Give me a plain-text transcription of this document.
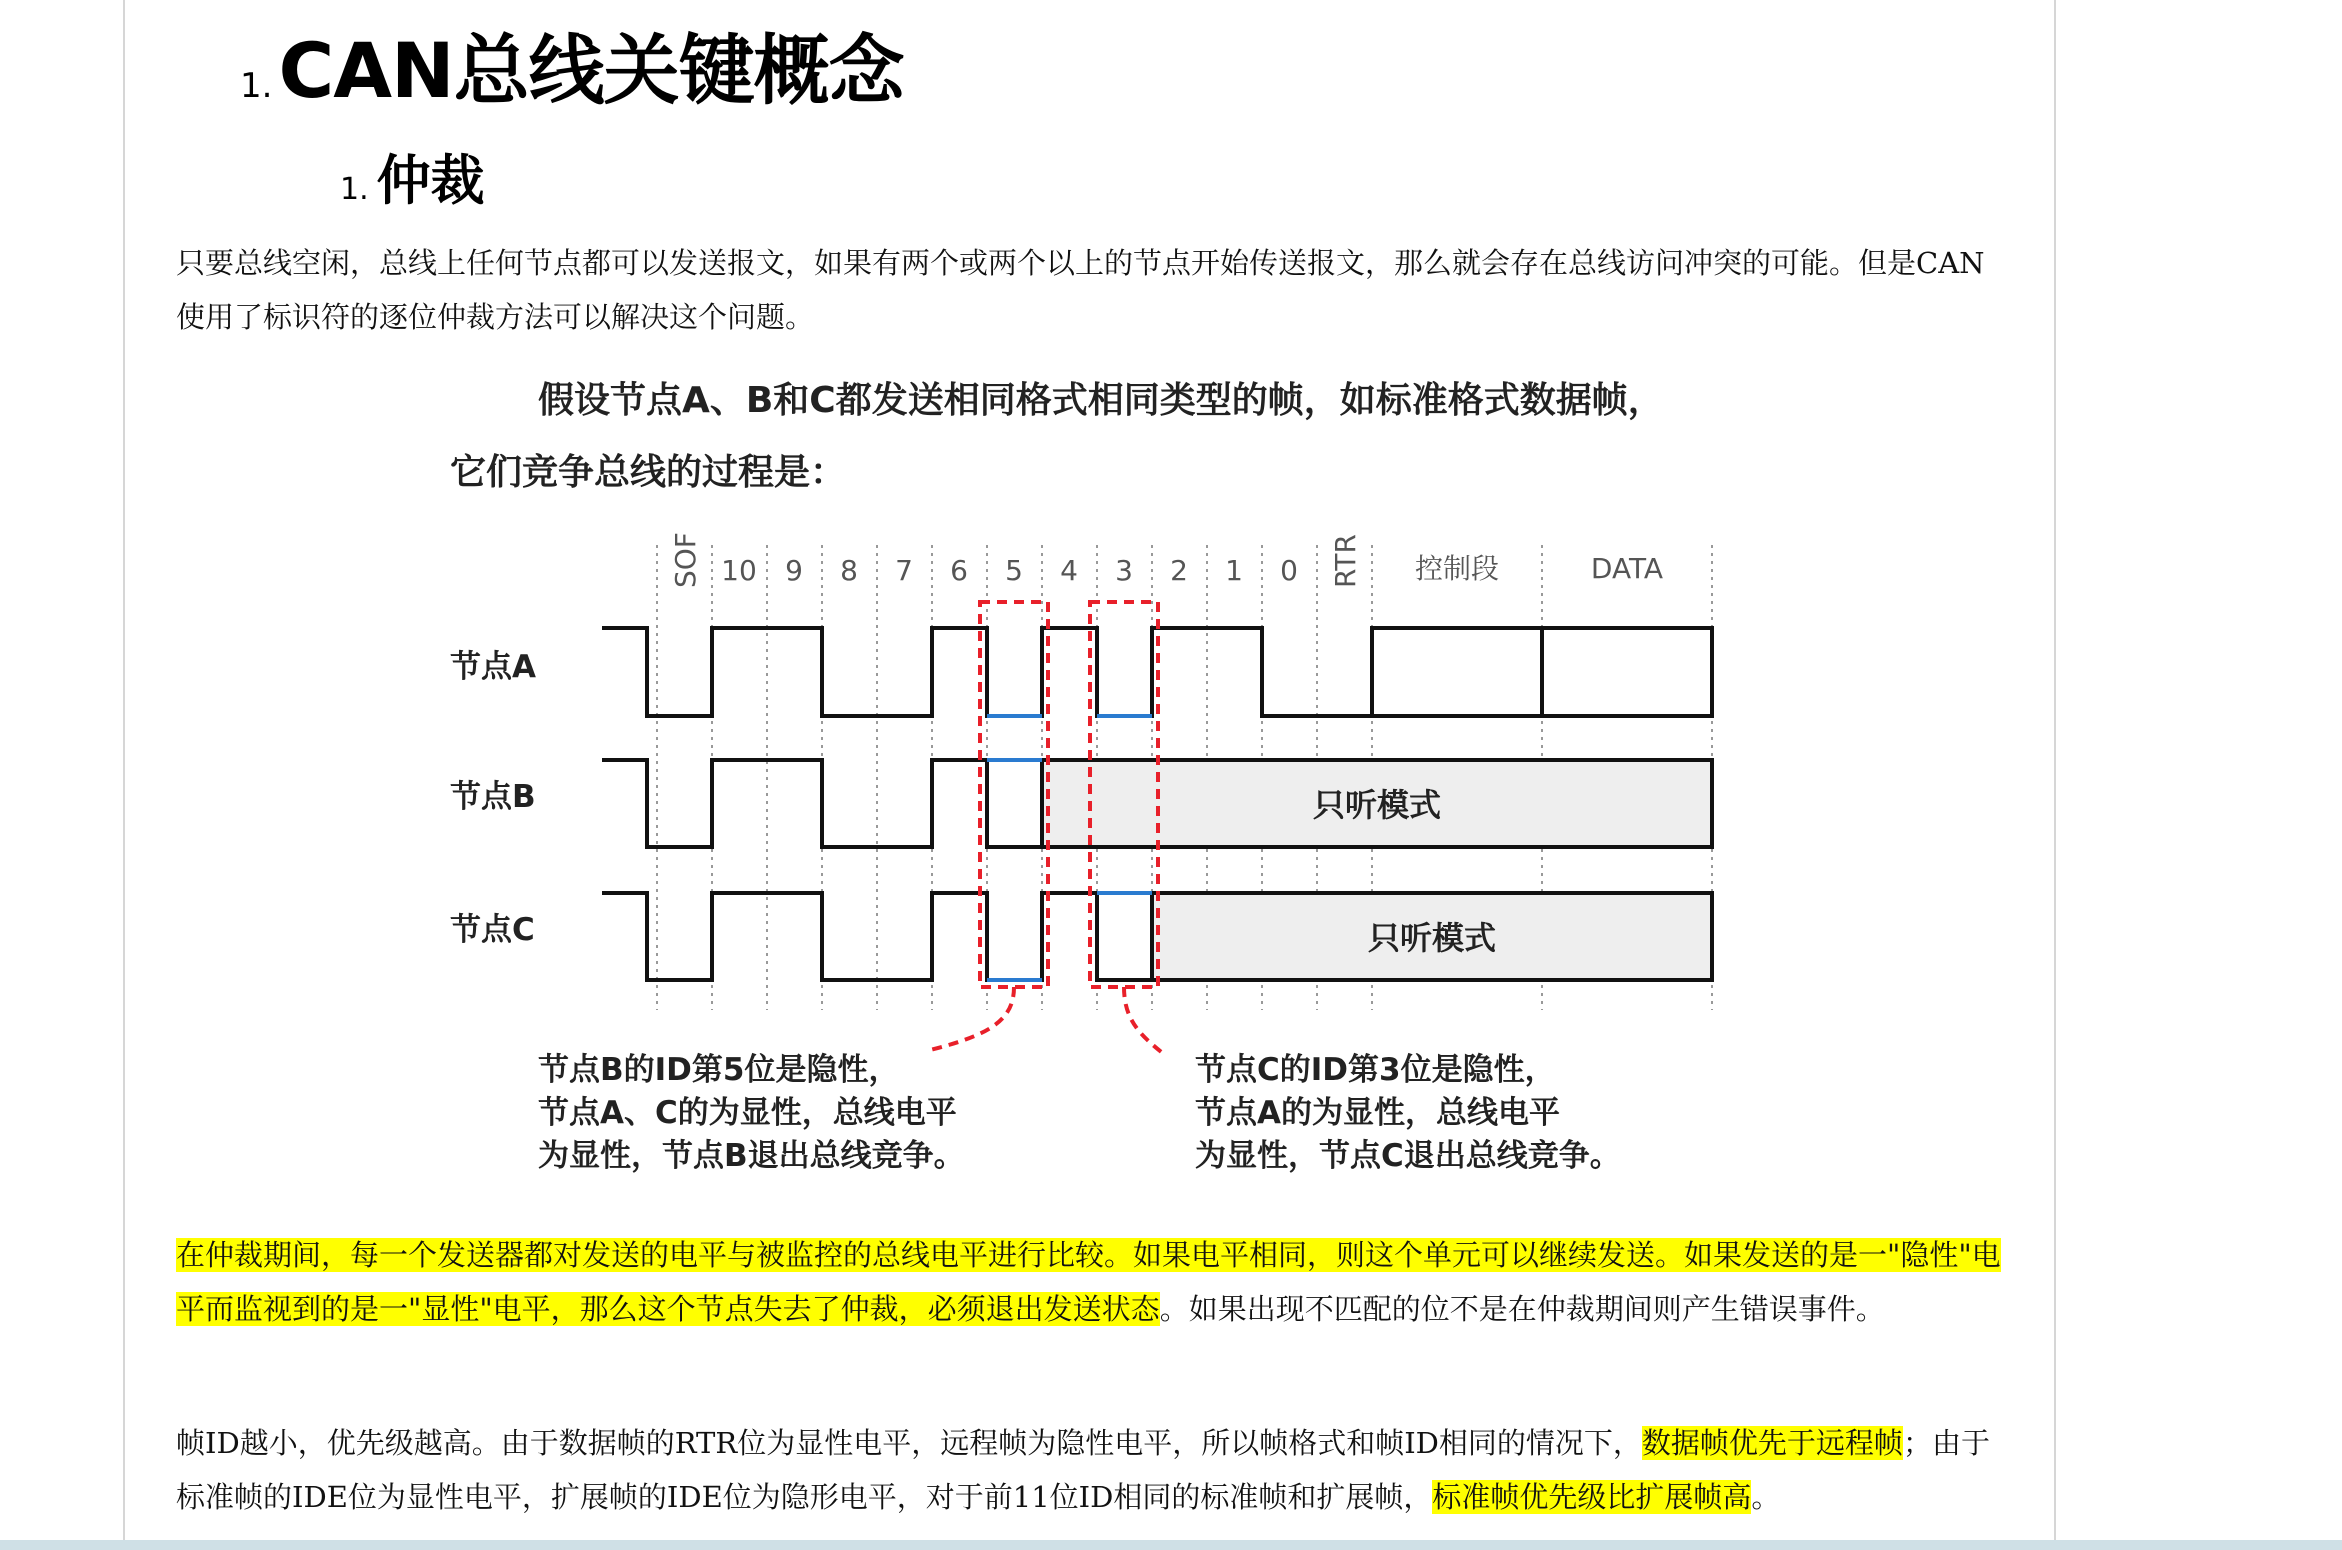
1. CAN总线关键概念
1. 仲裁
只要总线空闲，总线上任何节点都可以发送报文，如果有两个或两个以上的节点开始传送报文，那么就会存在总线访问冲突的可能。但是CAN使用了标识符的逐位仲裁方法可以解决这个问题。
假设节点A、B和C都发送相同格式相同类型的帧，如标准格式数据帧，
它们竞争总线的过程是：
SOF 10 9 8 7 6 5 4 3 2 1 0 RTR 控制段	DATA
节点A
节点B
节点C
只听模式
只听模式
节点B的ID第5位是隐性，
节点A、C的为显性，总线电平
为显性，节点B退出总线竞争。
节点C的ID第3位是隐性，
节点A的为显性，总线电平
为显性，节点C退出总线竞争。
在仲裁期间，每一个发送器都对发送的电平与被监控的总线电平进行比较。如果电平相同，则这个单元可以继续发送。如果发送的是一"隐性"电平而监视到的是一"显性"电平，那么这个节点失去了仲裁，必须退出发送状态。如果出现不匹配的位不是在仲裁期间则产生错误事件。
帧ID越小，优先级越高。由于数据帧的RTR位为显性电平，远程帧为隐性电平，所以帧格式和帧ID相同的情况下，数据帧优先于远程帧；由于标准帧的IDE位为显性电平，扩展帧的IDE位为隐形电平，对于前11位ID相同的标准帧和扩展帧，标准帧优先级比扩展帧高。
